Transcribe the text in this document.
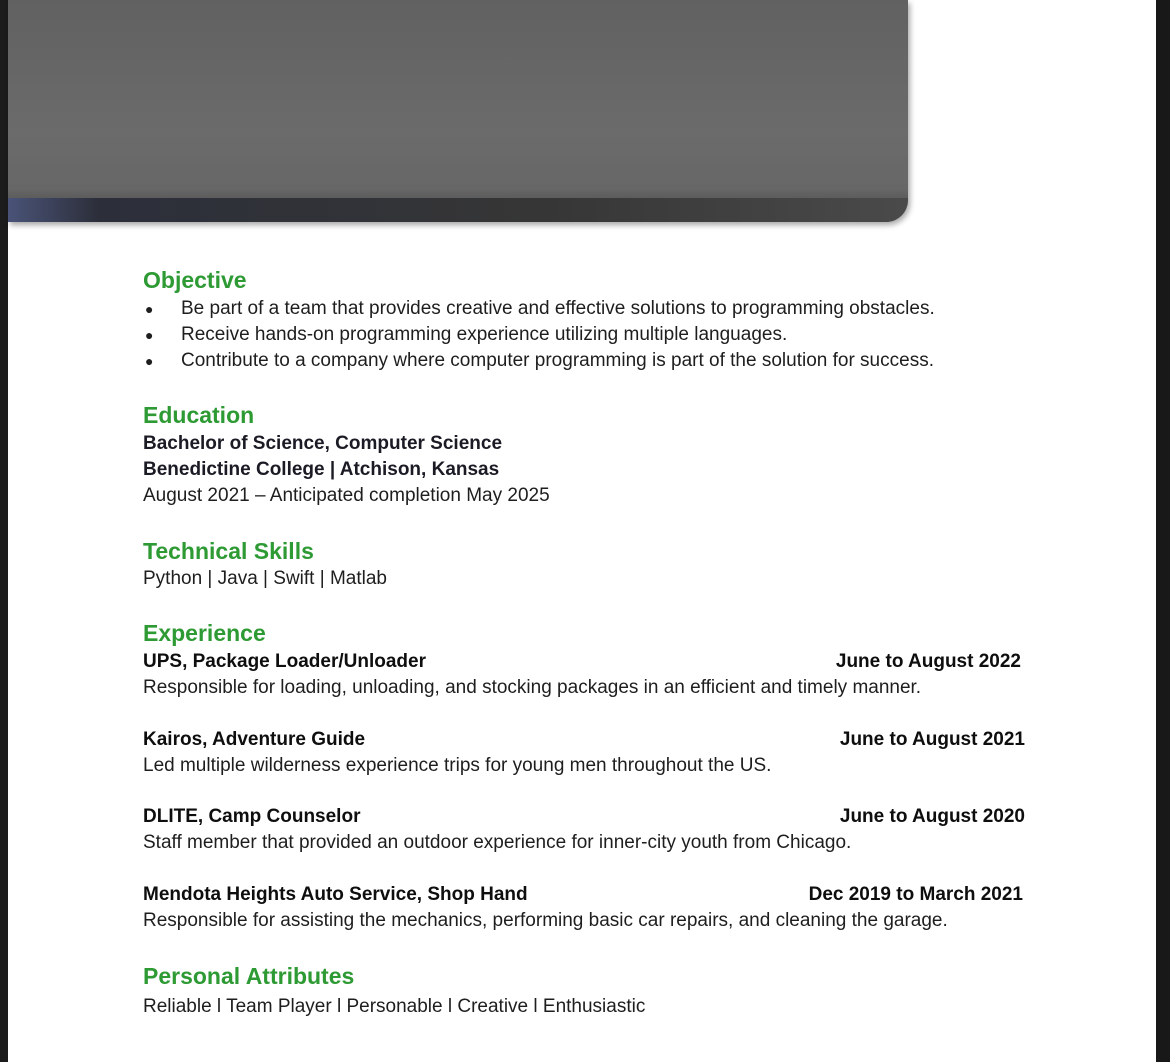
Objective
● Be part of a team that provides creative and effective solutions to programming obstacles.
● Receive hands-on programming experience utilizing multiple languages.
● Contribute to a company where computer programming is part of the solution for success.
Education
Bachelor of Science, Computer Science
Benedictine College | Atchison, Kansas
August 2021 – Anticipated completion May 2025
Technical Skills
Python | Java | Swift | Matlab
Experience
UPS, Package Loader/Unloader	June to August 2022
Responsible for loading, unloading, and stocking packages in an efficient and timely manner.
Kairos, Adventure Guide	June to August 2021
Led multiple wilderness experience trips for young men throughout the US.
DLITE, Camp Counselor	June to August 2020
Staff member that provided an outdoor experience for inner-city youth from Chicago.
Mendota Heights Auto Service, Shop Hand	Dec 2019 to March 2021
Responsible for assisting the mechanics, performing basic car repairs, and cleaning the garage.
Personal Attributes
Reliable l Team Player l Personable l Creative l Enthusiastic
